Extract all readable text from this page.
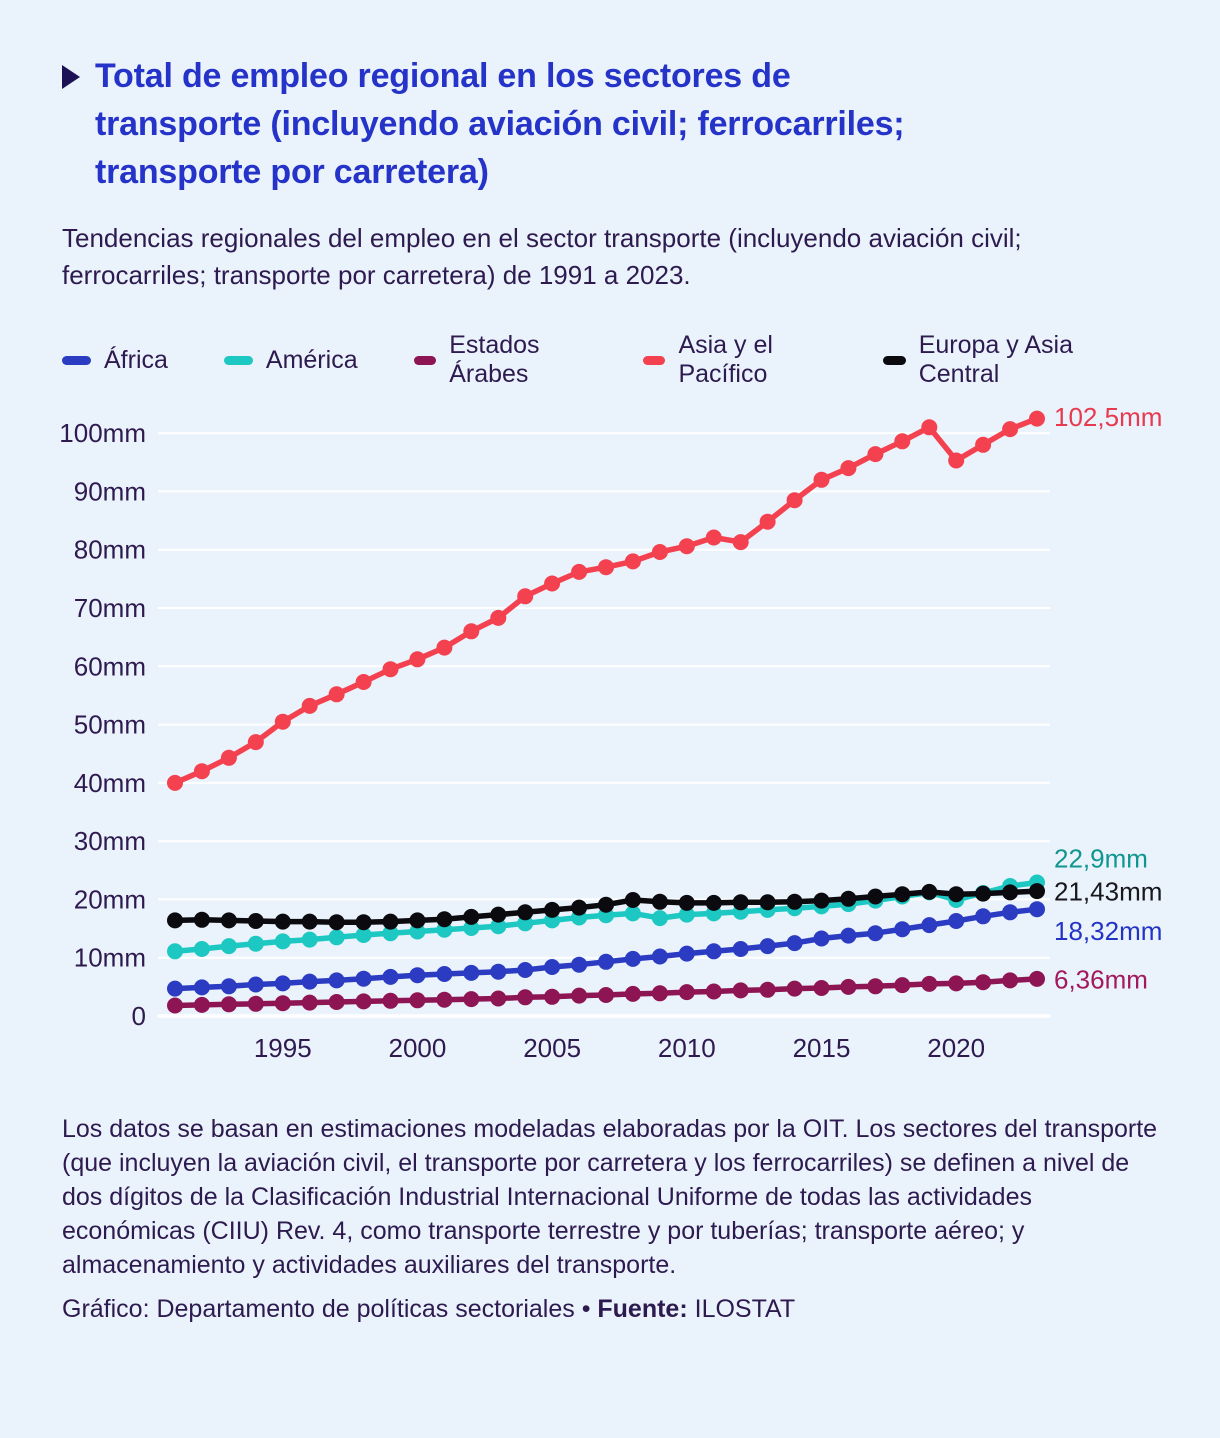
Total de empleo regional en los sectores de
transporte (incluyendo aviación civil; ferrocarriles;
transporte por carretera)
Tendencias regionales del empleo en el sector transporte (incluyendo aviación civil;
ferrocarriles; transporte por carretera) de 1991 a 2023.
África	América
Estados Árabes
Asia y el Pacífico
Europa y Asia Central
0
10mm
20mm
30mm
40mm
50mm
60mm
70mm
80mm
90mm
100mm
1995	2000	2005	2010	2015	2020
18,32mm
22,9mm
6,36mm
102,5mm
21,43mm
Los datos se basan en estimaciones modeladas elaboradas por la OIT. Los sectores del transporte
(que incluyen la aviación civil, el transporte por carretera y los ferrocarriles) se definen a nivel de
dos dígitos de la Clasificación Industrial Internacional Uniforme de todas las actividades
económicas (CIIU) Rev. 4, como transporte terrestre y por tuberías; transporte aéreo; y
almacenamiento y actividades auxiliares del transporte.
Gráfico: Departamento de políticas sectoriales • Fuente: ILOSTAT
